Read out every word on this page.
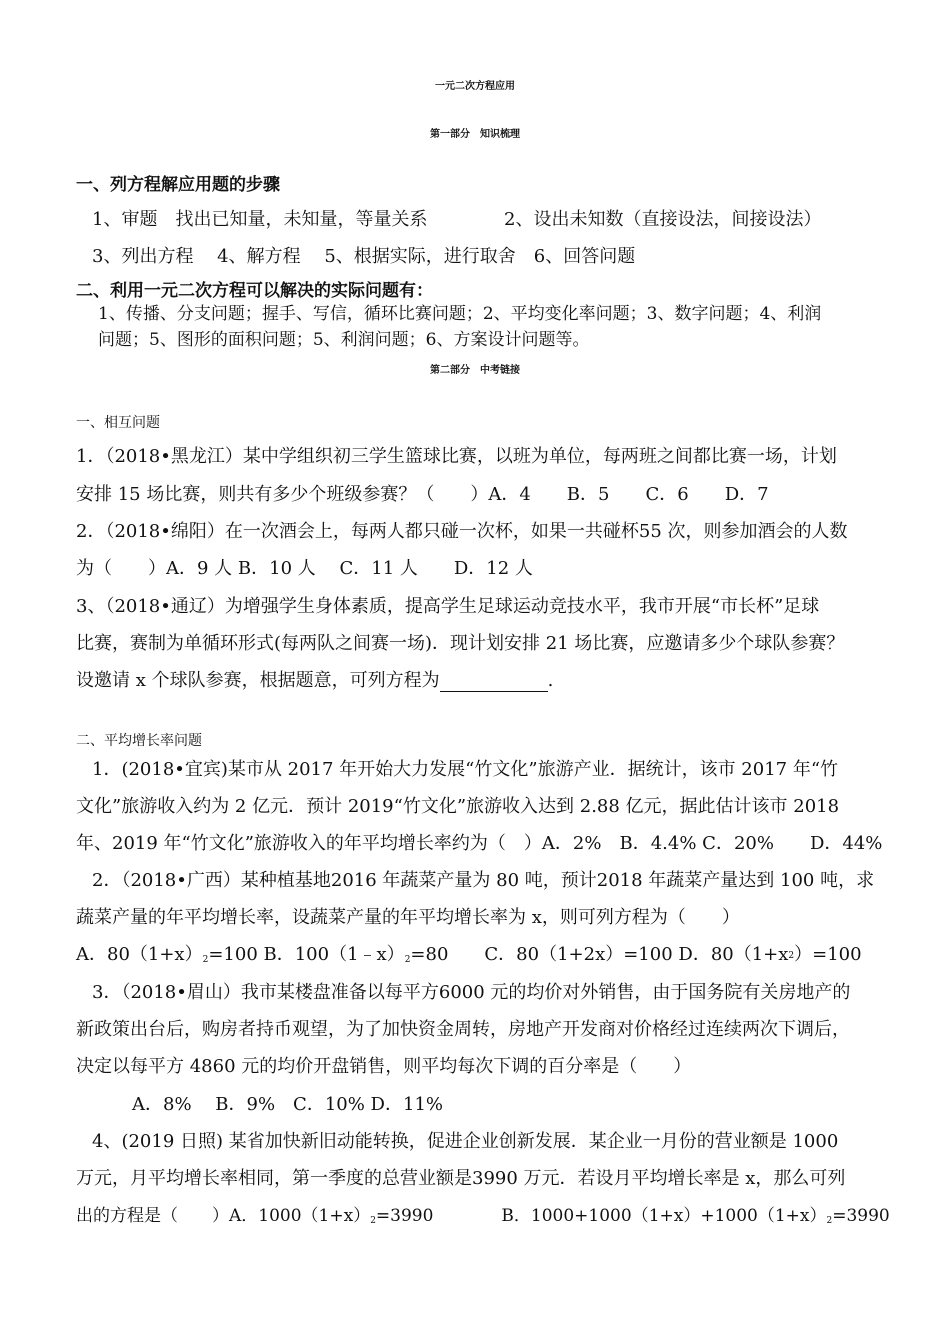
一元二次方程应用
第一部分　知识梳理
一、列方程解应用题的步骤
1、审题　找出已知量，未知量，等量关系	2、设出未知数（直接设法，间接设法）
3、列出方程　 4、解方程　 5、根据实际，进行取舍　6、回答问题
二、利用一元二次方程可以解决的实际问题有：
1、传播、分支问题；握手、写信，循环比赛问题；2、平均变化率问题；3、数字问题；4、利润
问题；5、图形的面积问题；5、利润问题；6、方案设计问题等。
第二部分　中考链接
一、相互问题
1．（2018•黑龙江）某中学组织初三学生篮球比赛，以班为单位，每两班之间都比赛一场，计划
安排 15 场比赛，则共有多少个班级参赛？（　　）A．4　　B．5　　C．6　　D．7
2．（2018•绵阳）在一次酒会上，每两人都只碰一次杯，如果一共碰杯55 次，则参加酒会的人数
为（　　）A．9 人 B．10 人　 C．11 人　　D．12 人
3、（2018•通辽）为增强学生身体素质，提高学生足球运动竞技水平，我市开展“市长杯”足球
比赛，赛制为单循环形式(每两队之间赛一场)．现计划安排 21 场比赛，应邀请多少个球队参赛？
设邀请 x 个球队参赛，根据题意，可列方程为	.
二、平均增长率问题
1．(2018•宜宾)某市从 2017 年开始大力发展“竹文化”旅游产业．据统计，该市 2017 年“竹
文化”旅游收入约为 2 亿元．预计 2019“竹文化”旅游收入达到 2.88 亿元，据此估计该市 2018
年、2019 年“竹文化”旅游收入的年平均增长率约为（　）A．2%　B．4.4% C．20%　　D．44%
2．（2018•广西）某种植基地2016 年蔬菜产量为 80 吨，预计2018 年蔬菜产量达到 100 吨，求
蔬菜产量的年平均增长率，设蔬菜产量的年平均增长率为 x，则可列方程为（　　）
A．80（1+x）2=100 B．100（1﹣x）2=80　　C．80（1+2x）=100 D．80（1+x2）=100
3．（2018•眉山）我市某楼盘准备以每平方6000 元的均价对外销售，由于国务院有关房地产的
新政策出台后，购房者持币观望，为了加快资金周转，房地产开发商对价格经过连续两次下调后，
决定以每平方 4860 元的均价开盘销售，则平均每次下调的百分率是（　　）
A．8%　 B．9%　C．10% D．11%
4、(2019 日照) 某省加快新旧动能转换，促进企业创新发展．某企业一月份的营业额是 1000
万元，月平均增长率相同，第一季度的总营业额是3990 万元．若设月平均增长率是 x，那么可列
出的方程是（　　）A．1000（1+x）2=3990　　　　B．1000+1000（1+x）+1000（1+x）2=3990
